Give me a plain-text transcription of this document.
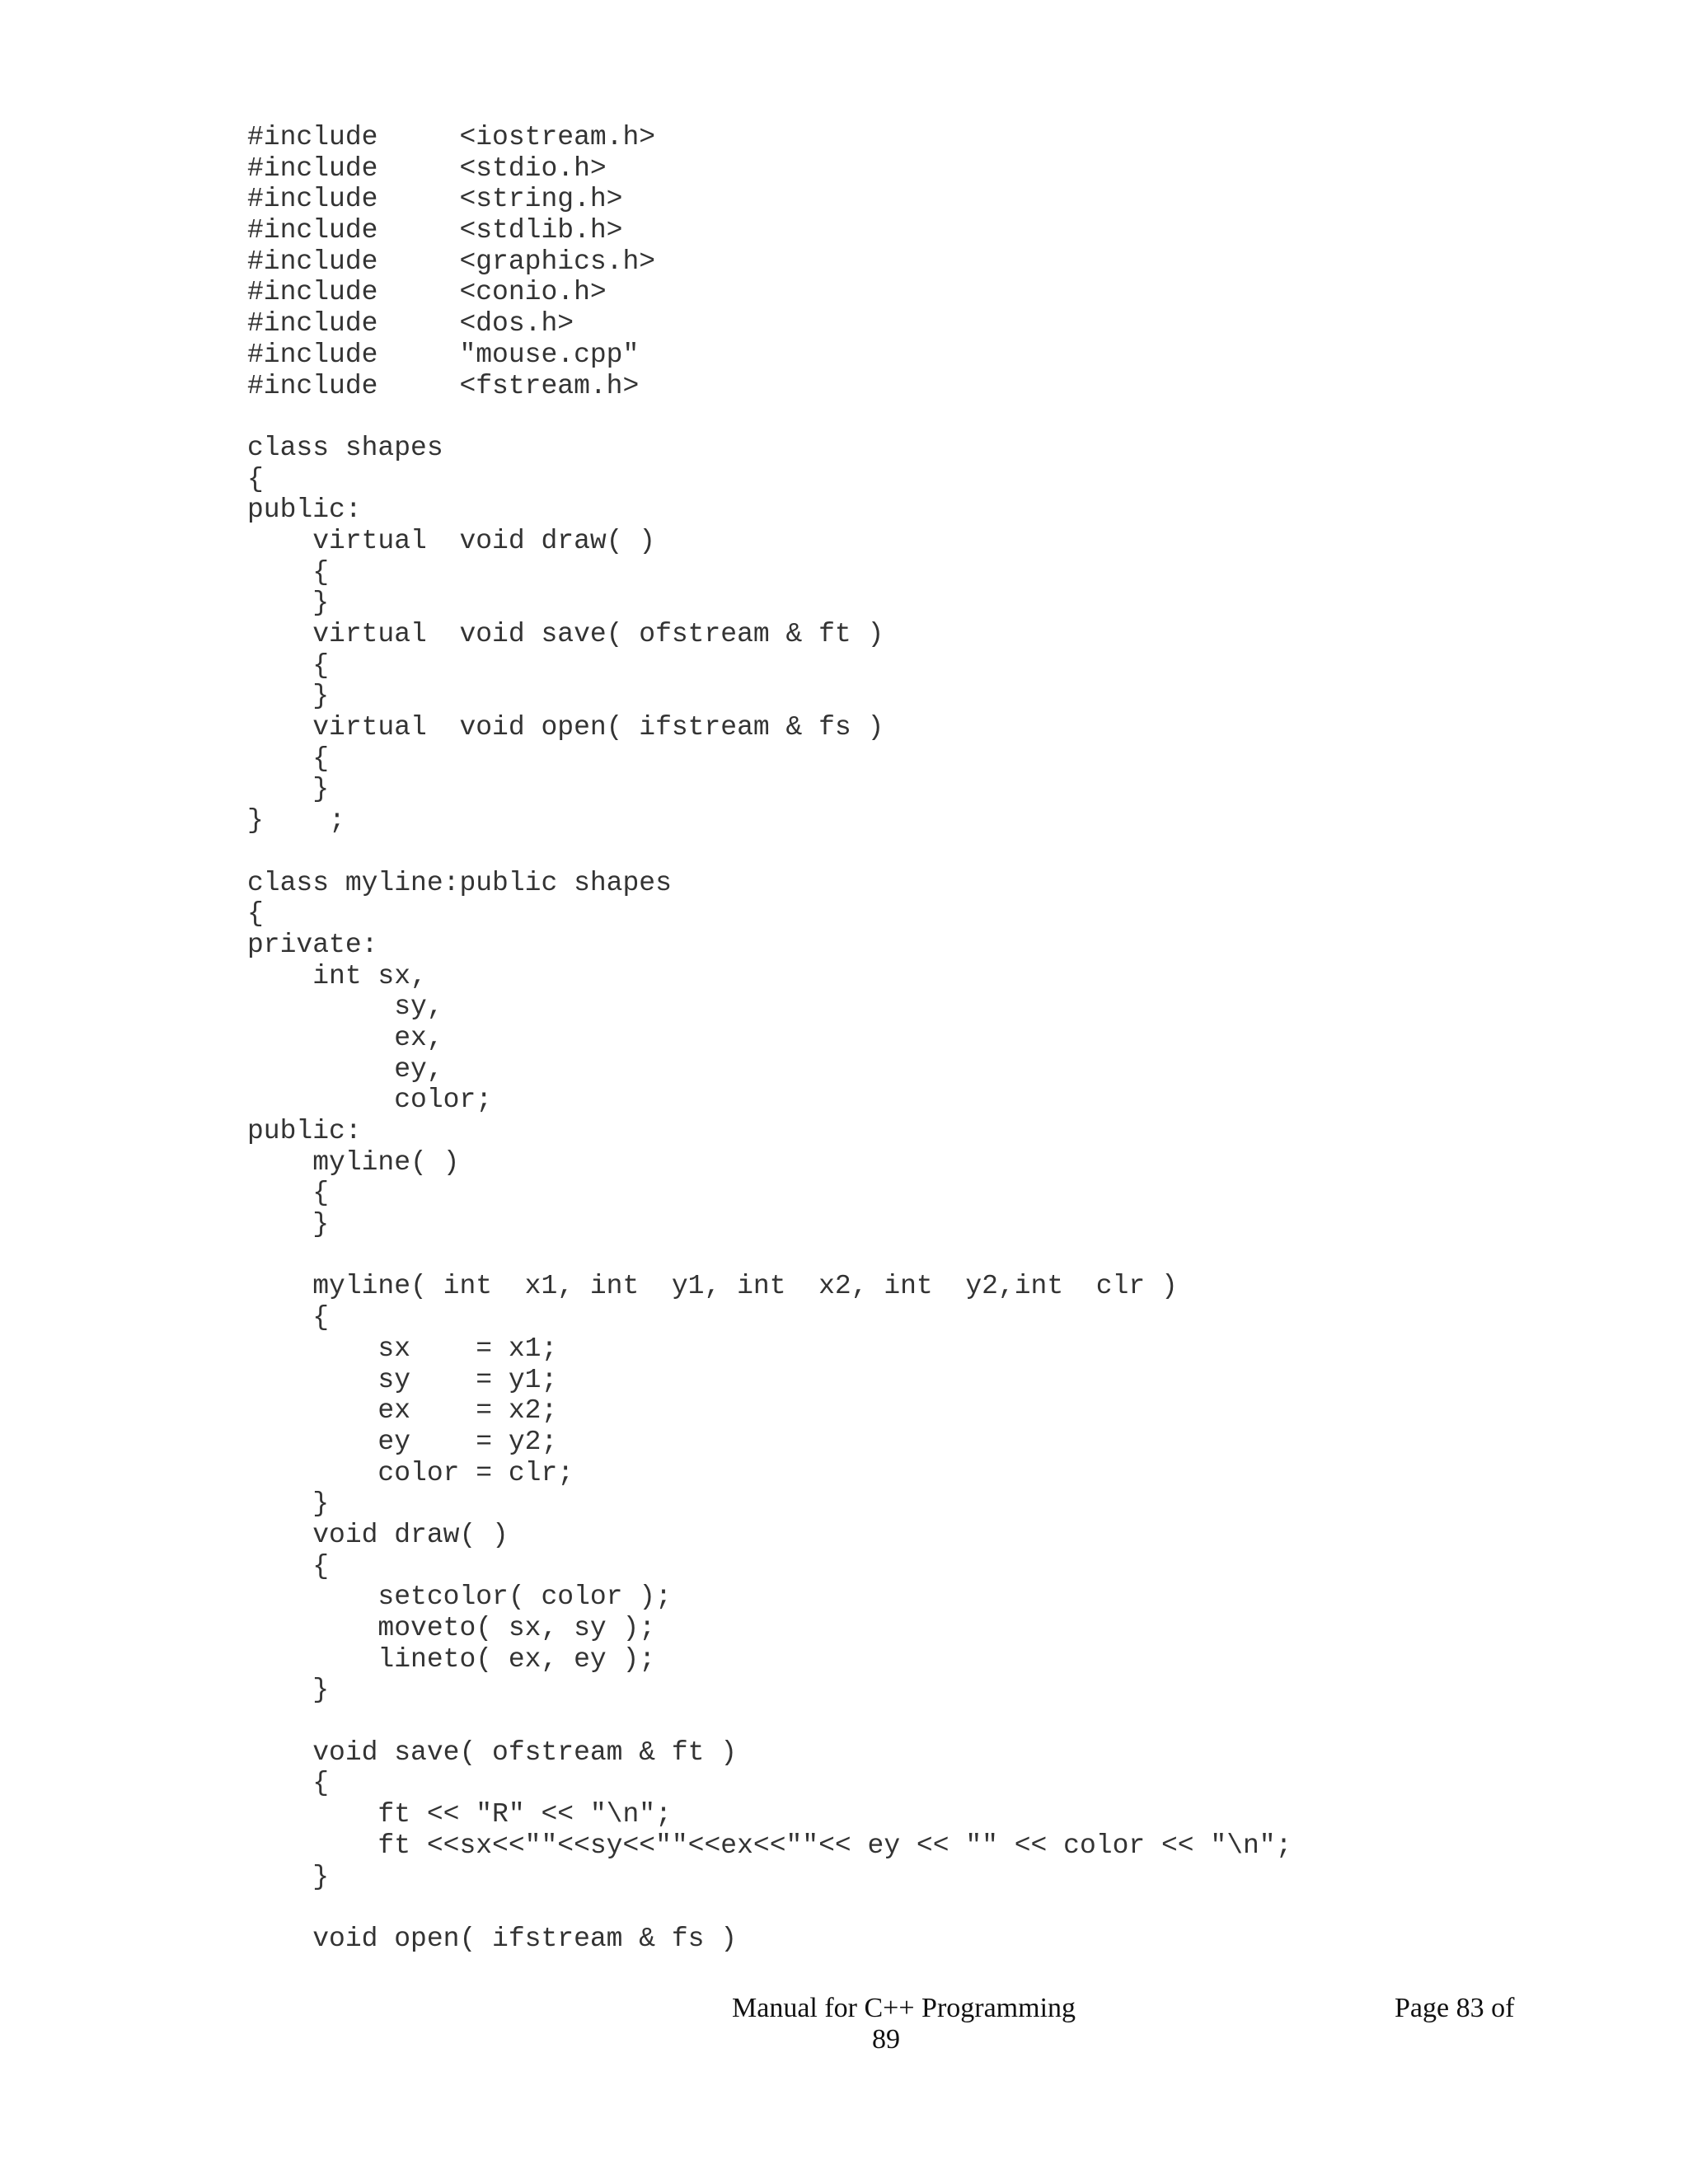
#include     <iostream.h>
#include     <stdio.h>
#include     <string.h>
#include     <stdlib.h>
#include     <graphics.h>
#include     <conio.h>
#include     <dos.h>
#include     "mouse.cpp"
#include     <fstream.h>
class shapes
{
public:
virtual  void draw( )
{
}
virtual  void save( ofstream & ft )
{
}
virtual  void open( ifstream & fs )
{
}
}    ;
class myline:public shapes
{
private:
int sx,
sy,
ex,
ey,
color;
public:
myline( )
{
}
myline( int  x1, int  y1, int  x2, int  y2,int  clr )
{
sx    = x1;
sy    = y1;
ex    = x2;
ey    = y2;
color = clr;
}
void draw( )
{
setcolor( color );
moveto( sx, sy );
lineto( ex, ey );
}
void save( ofstream & ft )
{
ft << "R" << "\n";
ft <<sx<<""<<sy<<""<<ex<<""<< ey << "" << color << "\n";
}
void open( ifstream & fs )
Manual for C++ Programming	Page 83 of
89
